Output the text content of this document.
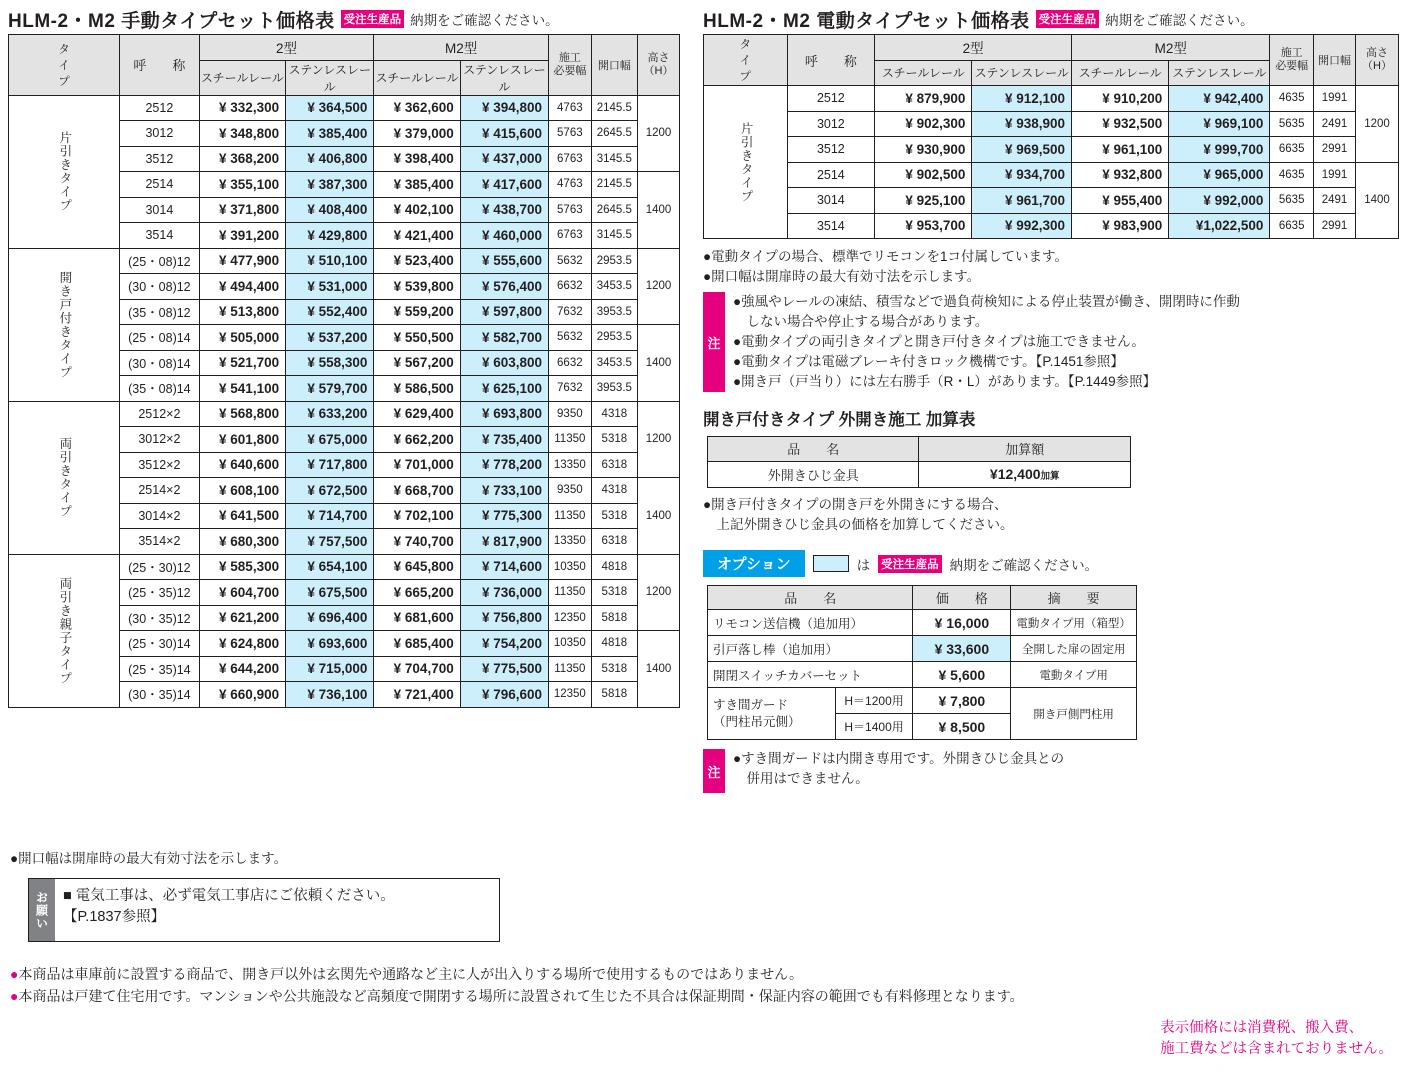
HLM-2・M2 手動タイプセット価格表 受注生産品 納期をご確認ください。
タ
イ
プ	呼　　称	2型		M2型		施工
必要幅	開口幅	高さ
（H）
		スチールレール	ステンレスレール	スチールレール	ステンレスレール			

片引きタイプ	2512	¥ 332,300	¥ 364,500	¥ 362,600	¥ 394,800	4763	2145.5	1200
	3012	¥ 348,800	¥ 385,400	¥ 379,000	¥ 415,600	5763	2645.5	
	3512	¥ 368,200	¥ 406,800	¥ 398,400	¥ 437,000	6763	3145.5	
	2514	¥ 355,100	¥ 387,300	¥ 385,400	¥ 417,600	4763	2145.5	1400
	3014	¥ 371,800	¥ 408,400	¥ 402,100	¥ 438,700	5763	2645.5	
	3514	¥ 391,200	¥ 429,800	¥ 421,400	¥ 460,000	6763	3145.5	

開き戸付きタイプ	(25・08)12	¥ 477,900	¥ 510,100	¥ 523,400	¥ 555,600	5632	2953.5	1200
	(30・08)12	¥ 494,400	¥ 531,000	¥ 539,800	¥ 576,400	6632	3453.5	
	(35・08)12	¥ 513,800	¥ 552,400	¥ 559,200	¥ 597,800	7632	3953.5	
	(25・08)14	¥ 505,000	¥ 537,200	¥ 550,500	¥ 582,700	5632	2953.5	1400
	(30・08)14	¥ 521,700	¥ 558,300	¥ 567,200	¥ 603,800	6632	3453.5	
	(35・08)14	¥ 541,100	¥ 579,700	¥ 586,500	¥ 625,100	7632	3953.5	

両引きタイプ	2512×2	¥ 568,800	¥ 633,200	¥ 629,400	¥ 693,800	9350	4318	1200
	3012×2	¥ 601,800	¥ 675,000	¥ 662,200	¥ 735,400	11350	5318	
	3512×2	¥ 640,600	¥ 717,800	¥ 701,000	¥ 778,200	13350	6318	
	2514×2	¥ 608,100	¥ 672,500	¥ 668,700	¥ 733,100	9350	4318	1400
	3014×2	¥ 641,500	¥ 714,700	¥ 702,100	¥ 775,300	11350	5318	
	3514×2	¥ 680,300	¥ 757,500	¥ 740,700	¥ 817,900	13350	6318	

両引き親子タイプ	(25・30)12	¥ 585,300	¥ 654,100	¥ 645,800	¥ 714,600	10350	4818	1200
	(25・35)12	¥ 604,700	¥ 675,500	¥ 665,200	¥ 736,000	11350	5318	
	(30・35)12	¥ 621,200	¥ 696,400	¥ 681,600	¥ 756,800	12350	5818	
	(25・30)14	¥ 624,800	¥ 693,600	¥ 685,400	¥ 754,200	10350	4818	1400
	(25・35)14	¥ 644,200	¥ 715,000	¥ 704,700	¥ 775,500	11350	5318	
	(30・35)14	¥ 660,900	¥ 736,100	¥ 721,400	¥ 796,600	12350	5818	
HLM-2・M2 電動タイプセット価格表 受注生産品 納期をご確認ください。
タ
イ
プ	呼　　称	2型		M2型		施工
必要幅	開口幅	高さ
（H）
		スチールレール	ステンレスレール	スチールレール	ステンレスレール			

片引きタイプ	2512	¥ 879,900	¥ 912,100	¥ 910,200	¥ 942,400	4635	1991	1200
	3012	¥ 902,300	¥ 938,900	¥ 932,500	¥ 969,100	5635	2491	
	3512	¥ 930,900	¥ 969,500	¥ 961,100	¥ 999,700	6635	2991	
	2514	¥ 902,500	¥ 934,700	¥ 932,800	¥ 965,000	4635	1991	1400
	3014	¥ 925,100	¥ 961,700	¥ 955,400	¥ 992,000	5635	2491	
	3514	¥ 953,700	¥ 992,300	¥ 983,900	¥1,022,500	6635	2991	
●電動タイプの場合、標準でリモコンを1コ付属しています。
●開口幅は開扉時の最大有効寸法を示します。
注
●強風やレールの凍結、積雪などで過負荷検知による停止装置が働き、開閉時に作動
　しない場合や停止する場合があります。
●電動タイプの両引きタイプと開き戸付きタイプは施工できません。
●電動タイプは電磁ブレーキ付きロック機構です。【P.1451参照】
●開き戸（戸当り）には左右勝手（R・L）があります。【P.1449参照】
開き戸付きタイプ 外開き施工 加算表
品　　名	加算額
外開きひじ金具	¥12,400加算
●開き戸付きタイプの開き戸を外開きにする場合、
　上記外開きひじ金具の価格を加算してください。
オプション	は 受注生産品 納期をご確認ください。
品　　名		価　　格	摘　　要
リモコン送信機（追加用）		¥ 16,000	電動タイプ用（箱型）
引戸落し棒（追加用）		¥ 33,600	全開した扉の固定用
開閉スイッチカバーセット		¥ 5,600	電動タイプ用
すき間ガード
（門柱吊元側）	H＝1200用	¥ 7,800	開き戸側門柱用
	H＝1400用	¥ 8,500	
注
●すき間ガードは内開き専用です。外開きひじ金具との
　併用はできません。
●開口幅は開扉時の最大有効寸法を示します。
お願い ■ 電気工事は、必ず電気工事店にご依頼ください。
【P.1837参照】
●本商品は車庫前に設置する商品で、開き戸以外は玄関先や通路など主に人が出入りする場所で使用するものではありません。
●本商品は戸建て住宅用です。マンションや公共施設など高頻度で開閉する場所に設置されて生じた不具合は保証期間・保証内容の範囲でも有料修理となります。
表示価格には消費税、搬入費、
施工費などは含まれておりません。
